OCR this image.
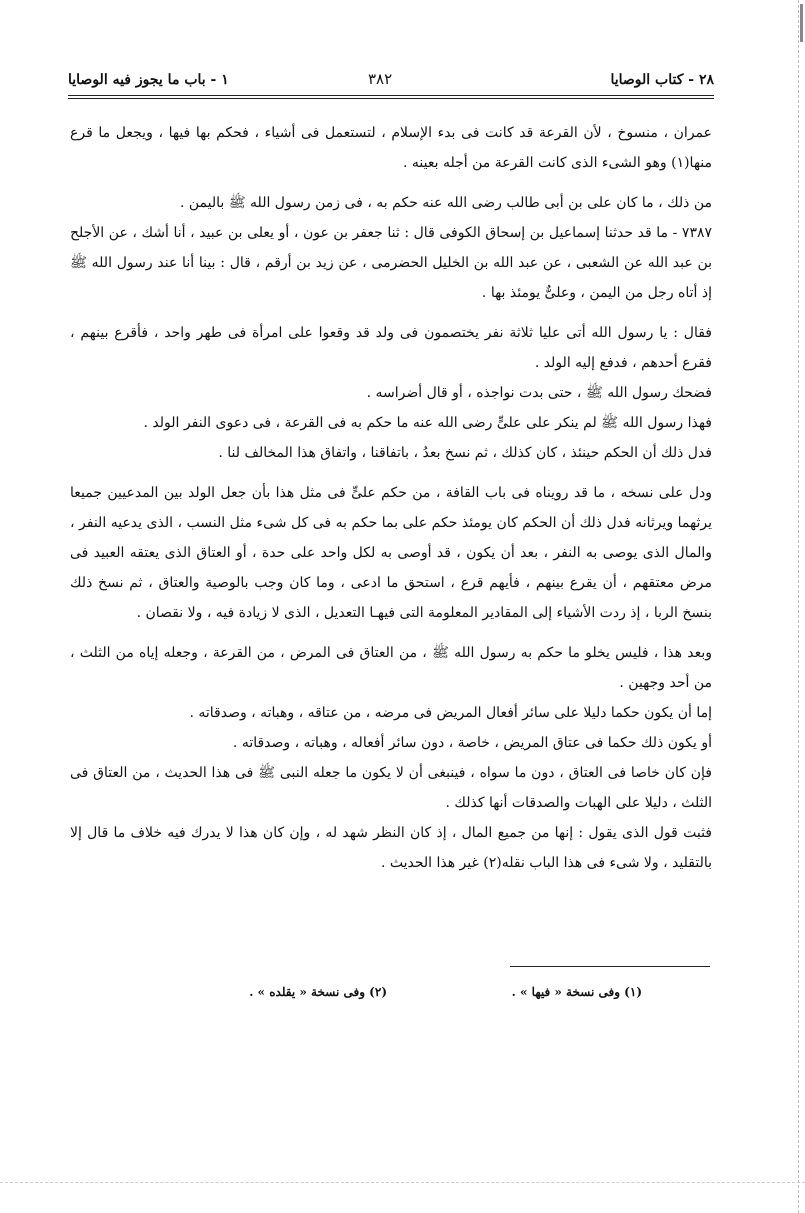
٢٨ - كتاب الوصايا
٣٨٢
١ - باب ما يجوز فيه الوصايا

عمران ، منسوخ ، لأن القرعة قد كانت فى بدء الإسلام ، لتستعمل فى أشياء ، فحكم بها فيها ، ويجعل ما قرع منها(١) وهو الشىء الذى كانت القرعة من أجله بعينه .

من ذلك ، ما كان على بن أبى طالب رضى الله عنه حكم به ، فى زمن رسول الله ﷺ باليمن .

٧٣٨٧ - ما قد حدثنا إسماعيل بن إسحاق الكوفى قال : ثنا جعفر بن عون ، أو يعلى بن عبيد ، أنا أشك ، عن الأجلح بن عبد الله عن الشعبى ، عن عبد الله بن الخليل الحضرمى ، عن زيد بن أرقم ، قال : بينا أنا عند رسول الله ﷺ إذ أتاه رجل من اليمن ، وعلىٌّ يومئذ بها .

فقال : يا رسول الله أتى عليا ثلاثة نفر يختصمون فى ولد قد وقعوا على امرأة فى طهر واحد ، فأقرع بينهم ، فقرع أحدهم ، فدفع إليه الولد .

فضحك رسول الله ﷺ ، حتى بدت نواجذه ، أو قال أضراسه .

فهذا رسول الله ﷺ لم ينكر على علىٍّ رضى الله عنه ما حكم به فى القرعة ، فى دعوى النفر الولد .

فدل ذلك أن الحكم حينئذ ، كان كذلك ، ثم نسخ بعدُ ، باتفاقنا ، واتفاق هذا المخالف لنا .

ودل على نسخه ، ما قد رويناه فى باب القافة ، من حكم علىٍّ فى مثل هذا بأن جعل الولد بين المدعيين جميعا يرثهما ويرثانه فدل ذلك أن الحكم كان يومئذ حكم على بما حكم به فى كل شىء مثل النسب ، الذى يدعيه النفر ، والمال الذى يوصى به النفر ، بعد أن يكون ، قد أوصى به لكل واحد على حدة ، أو العتاق الذى يعتقه العبيد فى مرض معتقهم ، أن يقرع بينهم ، فأيهم قرع ، استحق ما ادعى ، وما كان وجب بالوصية والعتاق ، ثم نسخ ذلك بنسخ الربا ، إذ ردت الأشياء إلى المقادير المعلومة التى فيهـا التعديل ، الذى لا زيادة فيه ، ولا نقصان .

وبعد هذا ، فليس يخلو ما حكم به رسول الله ﷺ ، من العتاق فى المرض ، من القرعة ، وجعله إياه من الثلث ، من أحد وجهين .

إما أن يكون حكما دليلا على سائر أفعال المريض فى مرضه ، من عتاقه ، وهباته ، وصدقاته .

أو يكون ذلك حكما فى عتاق المريض ، خاصة ، دون سائر أفعاله ، وهباته ، وصدقاته .

فإن كان خاصا فى العتاق ، دون ما سواه ، فينبغى أن لا يكون ما جعله النبى ﷺ فى هذا الحديث ، من العتاق فى الثلث ، دليلا على الهبات والصدقات أنها كذلك .

فثبت قول الذى يقول : إنها من جميع المال ، إذ كان النظر شهد له ، وإن كان هذا لا يدرك فيه خلاف ما قال إلا بالتقليد ، ولا شىء فى هذا الباب نقله(٢) غير هذا الحديث .

(١) وفى نسخة « فيها » .
(٢) وفى نسخة « يقلده » .
